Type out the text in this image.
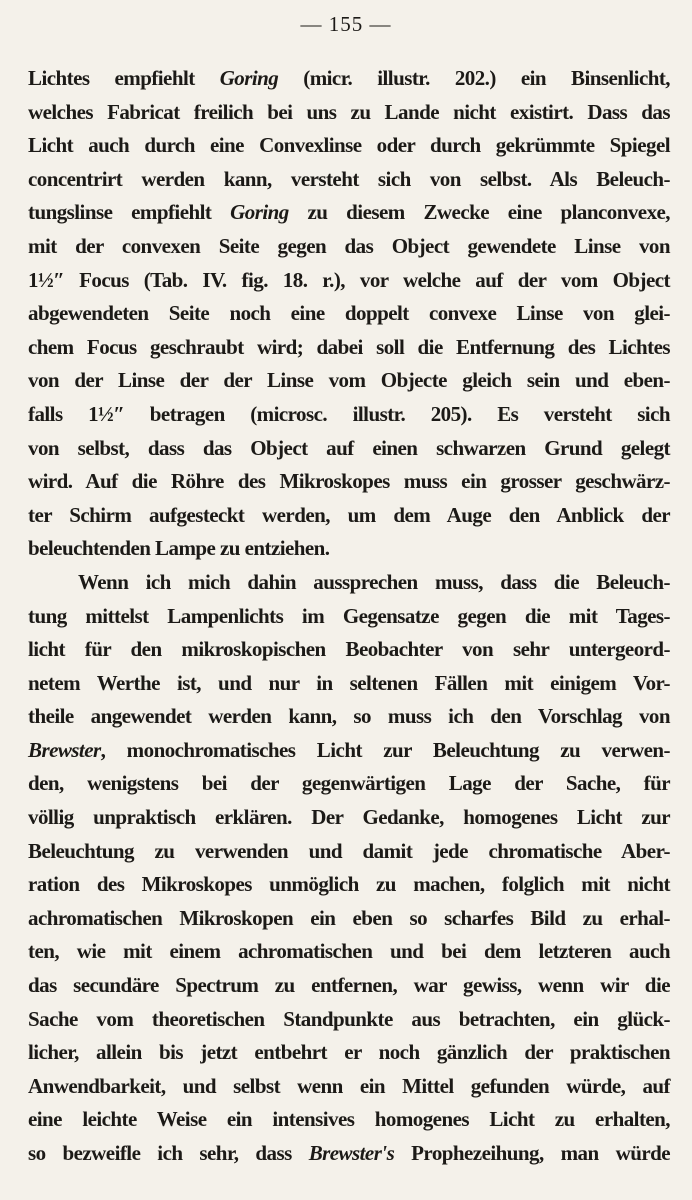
— 155 —
Lichtes empfiehlt Goring (micr. illustr. 202.) ein Binsenlicht,
welches Fabricat freilich bei uns zu Lande nicht existirt. Dass das
Licht auch durch eine Convexlinse oder durch gekrümmte Spiegel
concentrirt werden kann, versteht sich von selbst. Als Beleuch-
tungslinse empfiehlt Goring zu diesem Zwecke eine planconvexe,
mit der convexen Seite gegen das Object gewendete Linse von
1½″ Focus (Tab. IV. fig. 18. r.), vor welche auf der vom Object
abgewendeten Seite noch eine doppelt convexe Linse von glei-
chem Focus geschraubt wird; dabei soll die Entfernung des Lichtes
von der Linse der der Linse vom Objecte gleich sein und eben-
falls 1½″ betragen (microsc. illustr. 205). Es versteht sich
von selbst, dass das Object auf einen schwarzen Grund gelegt
wird. Auf die Röhre des Mikroskopes muss ein grosser geschwärz-
ter Schirm aufgesteckt werden, um dem Auge den Anblick der
beleuchtenden Lampe zu entziehen.
Wenn ich mich dahin aussprechen muss, dass die Beleuch-
tung mittelst Lampenlichts im Gegensatze gegen die mit Tages-
licht für den mikroskopischen Beobachter von sehr untergeord-
netem Werthe ist, und nur in seltenen Fällen mit einigem Vor-
theile angewendet werden kann, so muss ich den Vorschlag von
Brewster, monochromatisches Licht zur Beleuchtung zu verwen-
den, wenigstens bei der gegenwärtigen Lage der Sache, für
völlig unpraktisch erklären. Der Gedanke, homogenes Licht zur
Beleuchtung zu verwenden und damit jede chromatische Aber-
ration des Mikroskopes unmöglich zu machen, folglich mit nicht
achromatischen Mikroskopen ein eben so scharfes Bild zu erhal-
ten, wie mit einem achromatischen und bei dem letzteren auch
das secundäre Spectrum zu entfernen, war gewiss, wenn wir die
Sache vom theoretischen Standpunkte aus betrachten, ein glück-
licher, allein bis jetzt entbehrt er noch gänzlich der praktischen
Anwendbarkeit, und selbst wenn ein Mittel gefunden würde, auf
eine leichte Weise ein intensives homogenes Licht zu erhalten,
so bezweifle ich sehr, dass Brewster's Prophezeihung, man würde
